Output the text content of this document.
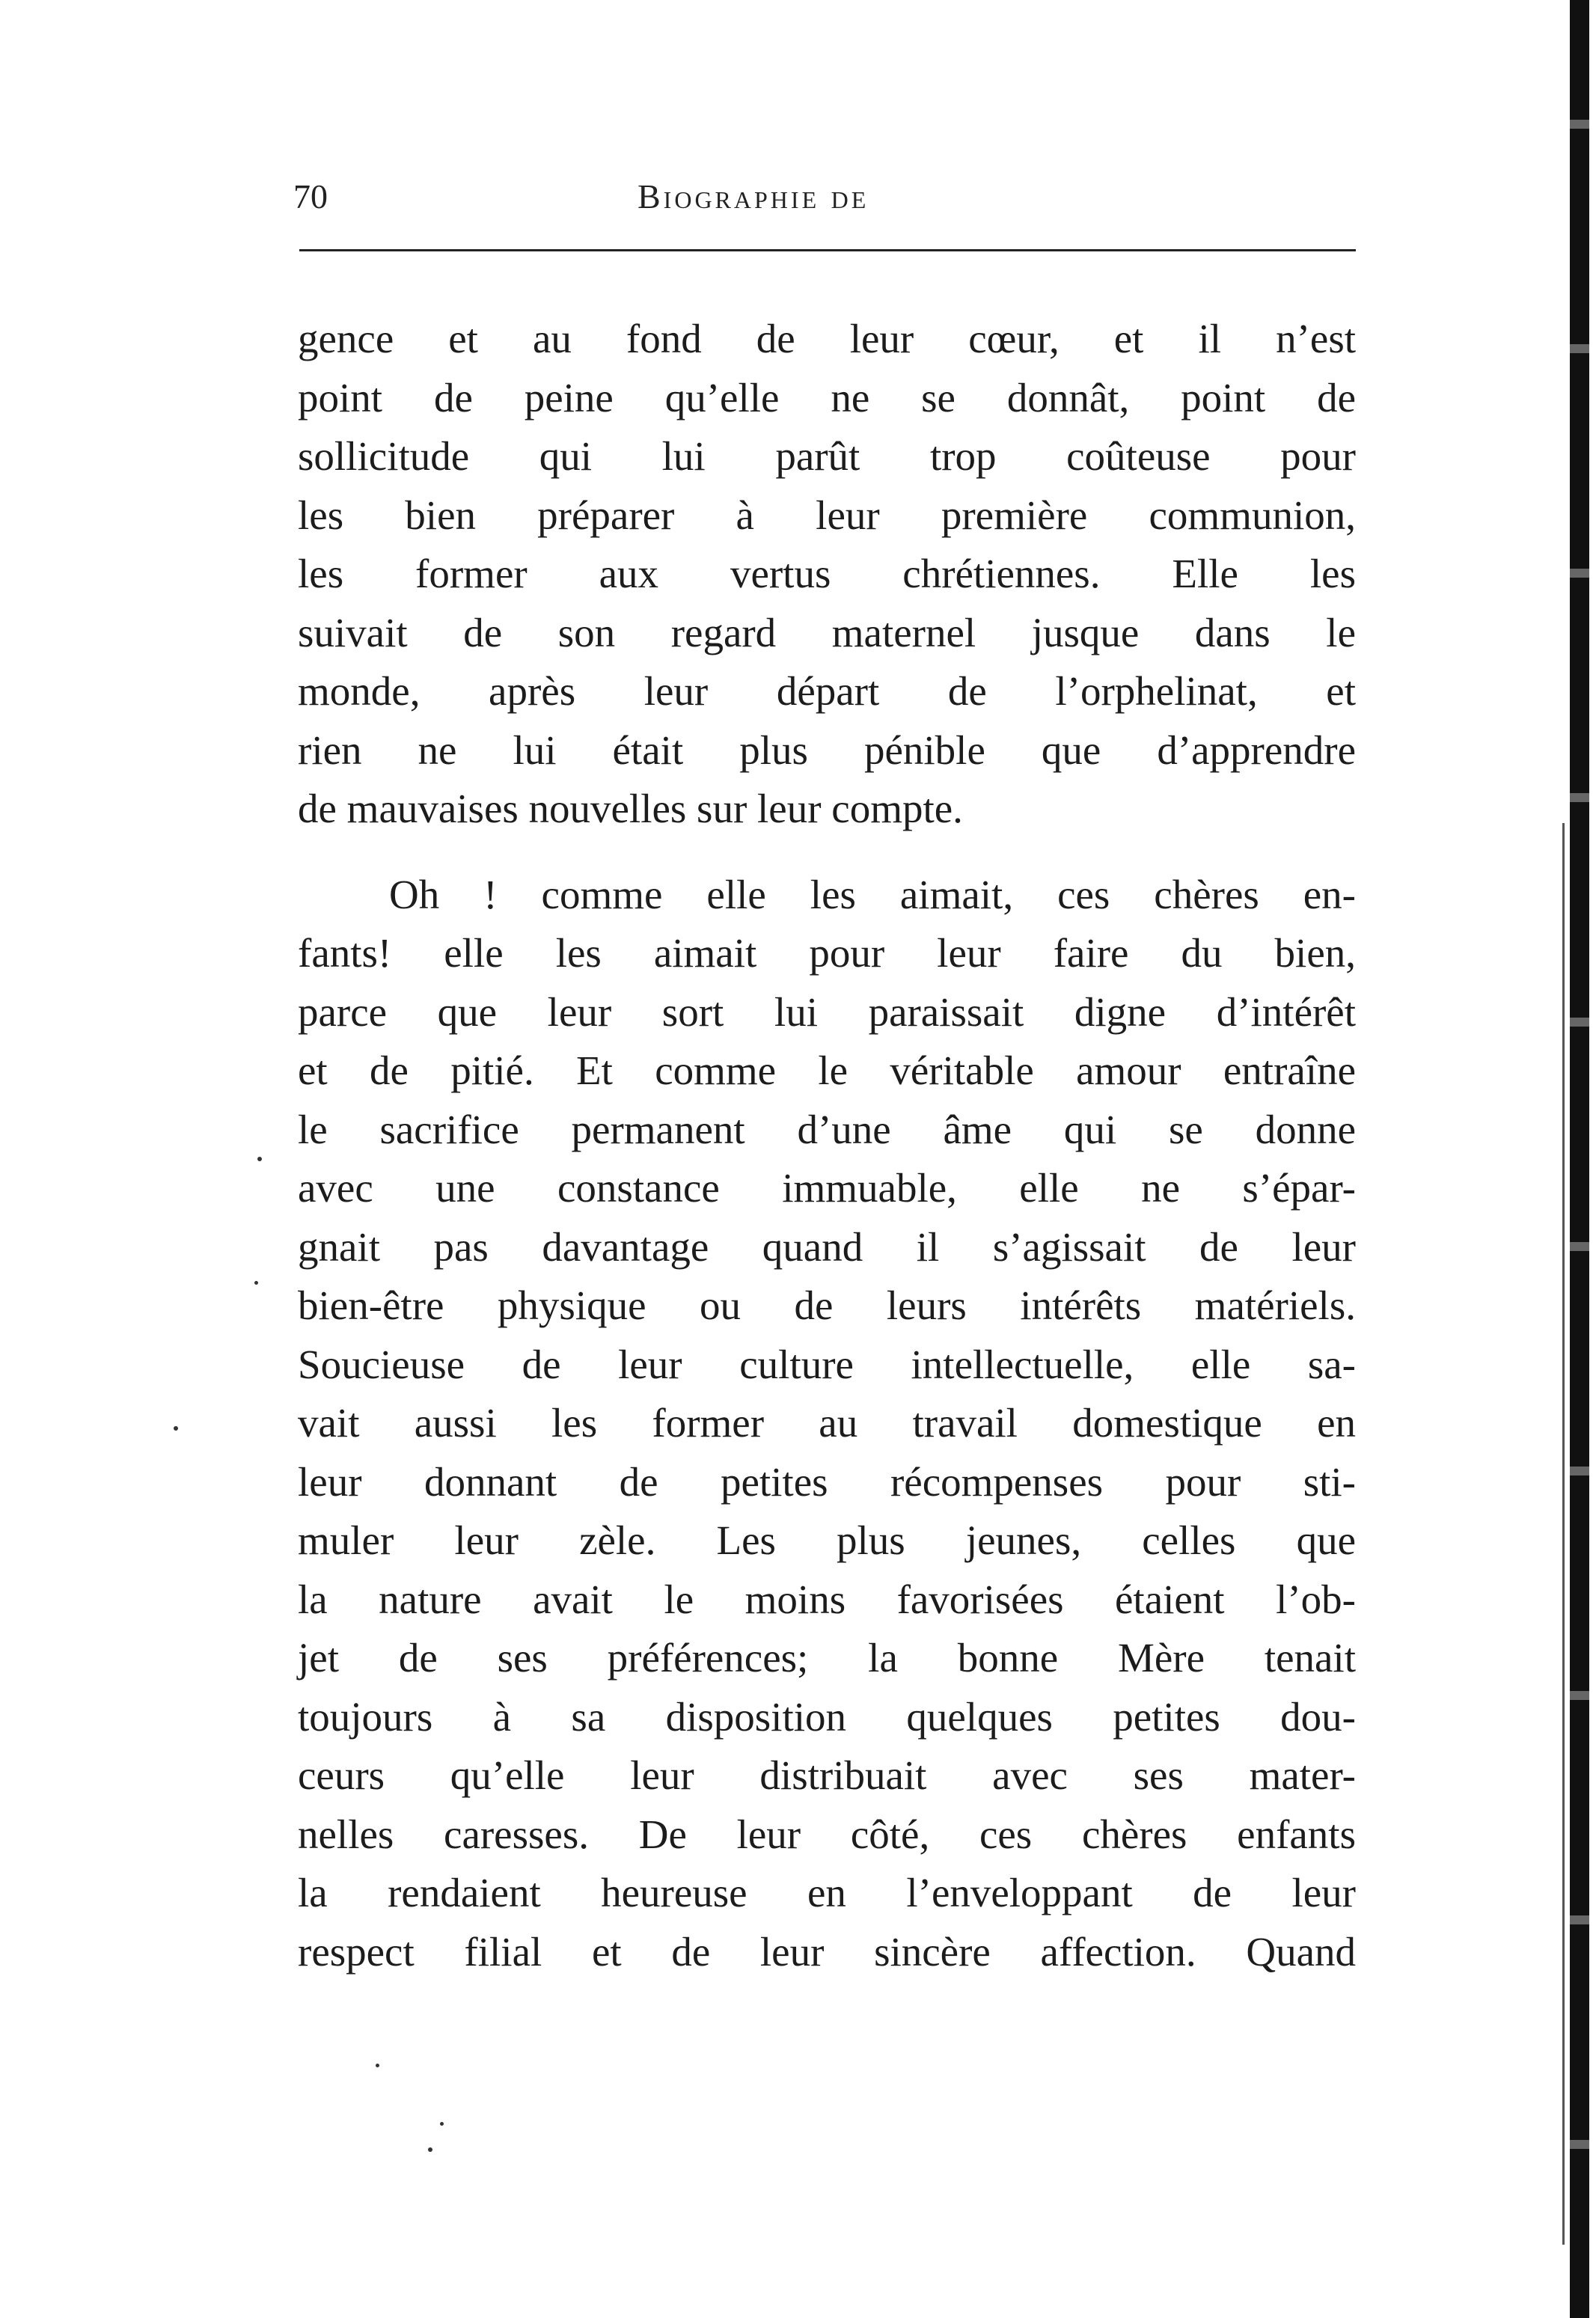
70	Biographie de
gence et au fond de leur cœur, et il n’est
point de peine qu’elle ne se donnât, point de
sollicitude qui lui parût trop coûteuse pour
les bien préparer à leur première communion,
les former aux vertus chrétiennes. Elle les
suivait de son regard maternel jusque dans le
monde, après leur départ de l’orphelinat, et
rien ne lui était plus pénible que d’apprendre
de mauvaises nouvelles sur leur compte.
Oh ! comme elle les aimait, ces chères en-
fants! elle les aimait pour leur faire du bien,
parce que leur sort lui paraissait digne d’intérêt
et de pitié. Et comme le véritable amour entraîne
le sacrifice permanent d’une âme qui se donne
avec une constance immuable, elle ne s’épar-
gnait pas davantage quand il s’agissait de leur
bien-être physique ou de leurs intérêts matériels.
Soucieuse de leur culture intellectuelle, elle sa-
vait aussi les former au travail domestique en
leur donnant de petites récompenses pour sti-
muler leur zèle. Les plus jeunes, celles que
la nature avait le moins favorisées étaient l’ob-
jet de ses préférences; la bonne Mère tenait
toujours à sa disposition quelques petites dou-
ceurs qu’elle leur distribuait avec ses mater-
nelles caresses. De leur côté, ces chères enfants
la rendaient heureuse en l’enveloppant de leur
respect filial et de leur sincère affection. Quand
